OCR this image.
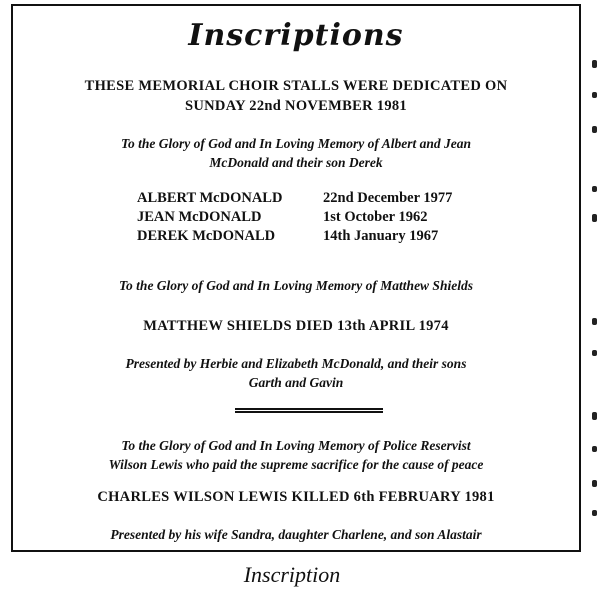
Inscriptions
THESE MEMORIAL CHOIR STALLS WERE DEDICATED ON
SUNDAY 22nd NOVEMBER 1981
To the Glory of God and In Loving Memory of Albert and Jean
McDonald and their son Derek
ALBERT McDONALD	22nd December 1977
JEAN McDONALD	1st October 1962
DEREK McDONALD	14th January 1967
To the Glory of God and In Loving Memory of Matthew Shields
MATTHEW SHIELDS DIED 13th APRIL 1974
Presented by Herbie and Elizabeth McDonald, and their sons
Garth and Gavin
To the Glory of God and In Loving Memory of Police Reservist
Wilson Lewis who paid the supreme sacrifice for the cause of peace
CHARLES WILSON LEWIS KILLED 6th FEBRUARY 1981
Presented by his wife Sandra, daughter Charlene, and son Alastair
Inscription
